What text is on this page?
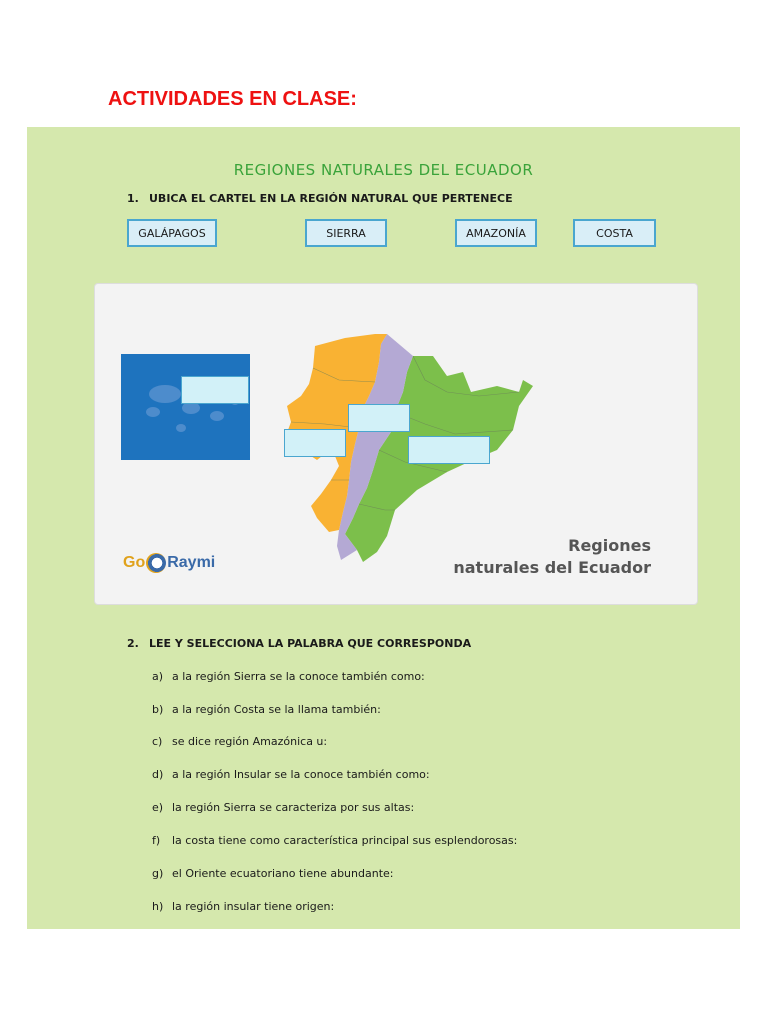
ACTIVIDADES EN CLASE:
REGIONES NATURALES DEL ECUADOR
1. UBICA EL CARTEL EN LA REGIÓN NATURAL QUE PERTENECE
GALÁPAGOS	SIERRA	AMAZONÍA	COSTA
Go Raymi
Regiones
naturales del Ecuador
2. LEE Y SELECCIONA LA PALABRA QUE CORRESPONDA
a) a la región Sierra se la conoce también como:
b) a la región Costa se la llama también:
c) se dice región Amazónica u:
d) a la región Insular se la conoce también como:
e) la región Sierra se caracteriza por sus altas:
f) la costa tiene como característica principal sus esplendorosas:
g) el Oriente ecuatoriano tiene abundante:
h) la región insular tiene origen:
